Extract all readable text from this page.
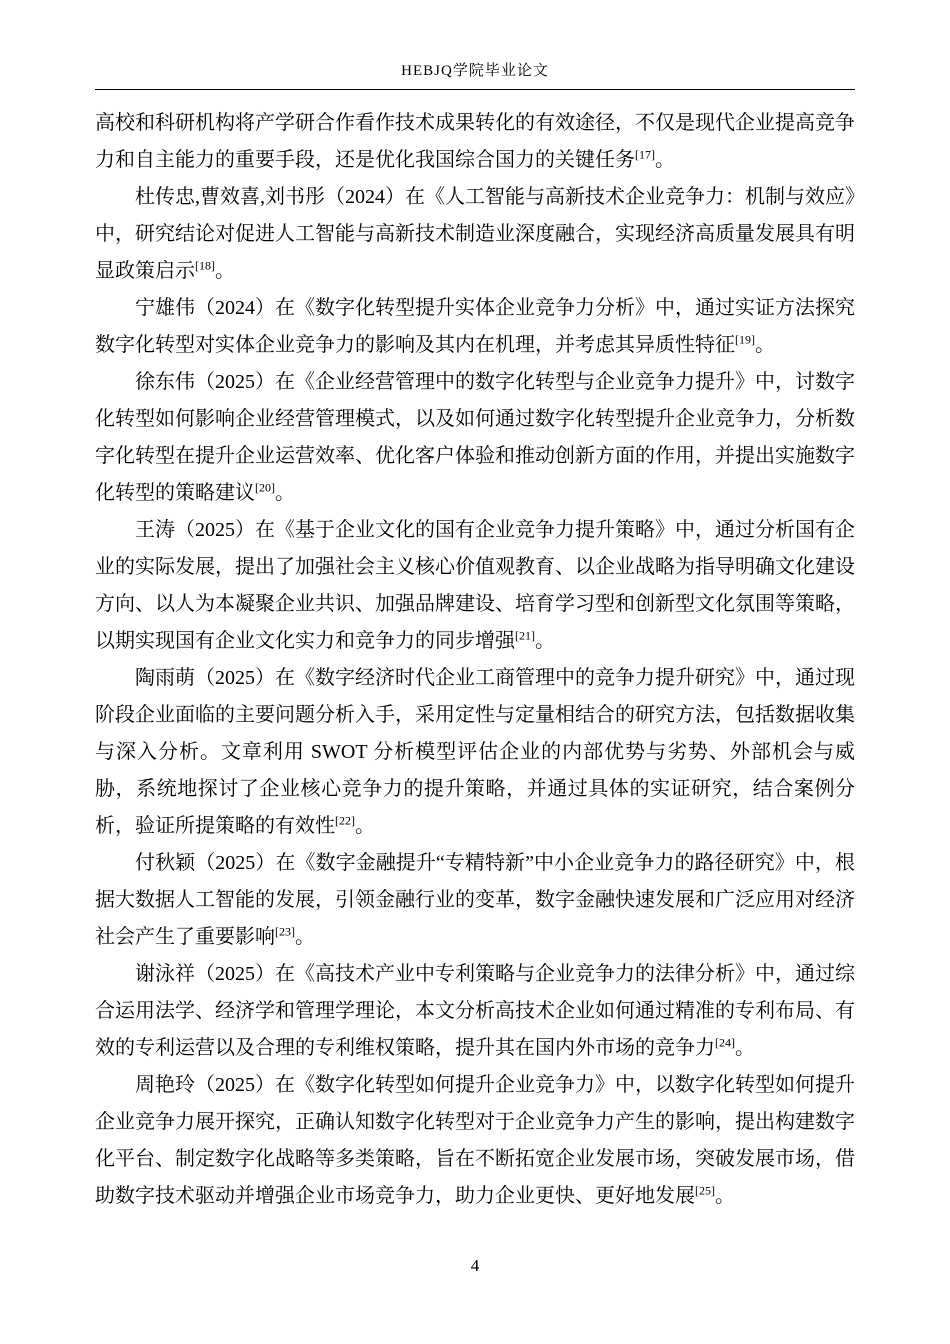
HEBJQ学院毕业论文

高校和科研机构将产学研合作看作技术成果转化的有效途径，不仅是现代企业提高竞争力和自主能力的重要手段，还是优化我国综合国力的关键任务[17]。

杜传忠,曹效喜,刘书彤（2024）在《人工智能与高新技术企业竞争力：机制与效应》中，研究结论对促进人工智能与高新技术制造业深度融合，实现经济高质量发展具有明显政策启示[18]。

宁雄伟（2024）在《数字化转型提升实体企业竞争力分析》中，通过实证方法探究数字化转型对实体企业竞争力的影响及其内在机理，并考虑其异质性特征[19]。

徐东伟（2025）在《企业经营管理中的数字化转型与企业竞争力提升》中，讨数字化转型如何影响企业经营管理模式，以及如何通过数字化转型提升企业竞争力，分析数字化转型在提升企业运营效率、优化客户体验和推动创新方面的作用，并提出实施数字化转型的策略建议[20]。

王涛（2025）在《基于企业文化的国有企业竞争力提升策略》中，通过分析国有企业的实际发展，提出了加强社会主义核心价值观教育、以企业战略为指导明确文化建设方向、以人为本凝聚企业共识、加强品牌建设、培育学习型和创新型文化氛围等策略，以期实现国有企业文化实力和竞争力的同步增强[21]。

陶雨萌（2025）在《数字经济时代企业工商管理中的竞争力提升研究》中，通过现阶段企业面临的主要问题分析入手，采用定性与定量相结合的研究方法，包括数据收集与深入分析。文章利用 SWOT 分析模型评估企业的内部优势与劣势、外部机会与威胁，系统地探讨了企业核心竞争力的提升策略，并通过具体的实证研究，结合案例分析，验证所提策略的有效性[22]。

付秋颖（2025）在《数字金融提升“专精特新”中小企业竞争力的路径研究》中，根据大数据人工智能的发展，引领金融行业的变革，数字金融快速发展和广泛应用对经济社会产生了重要影响[23]。

谢泳祥（2025）在《高技术产业中专利策略与企业竞争力的法律分析》中，通过综合运用法学、经济学和管理学理论，本文分析高技术企业如何通过精准的专利布局、有效的专利运营以及合理的专利维权策略，提升其在国内外市场的竞争力[24]。

周艳玲（2025）在《数字化转型如何提升企业竞争力》中，以数字化转型如何提升企业竞争力展开探究，正确认知数字化转型对于企业竞争力产生的影响，提出构建数字化平台、制定数字化战略等多类策略，旨在不断拓宽企业发展市场，突破发展市场，借助数字技术驱动并增强企业市场竞争力，助力企业更快、更好地发展[25]。

4
